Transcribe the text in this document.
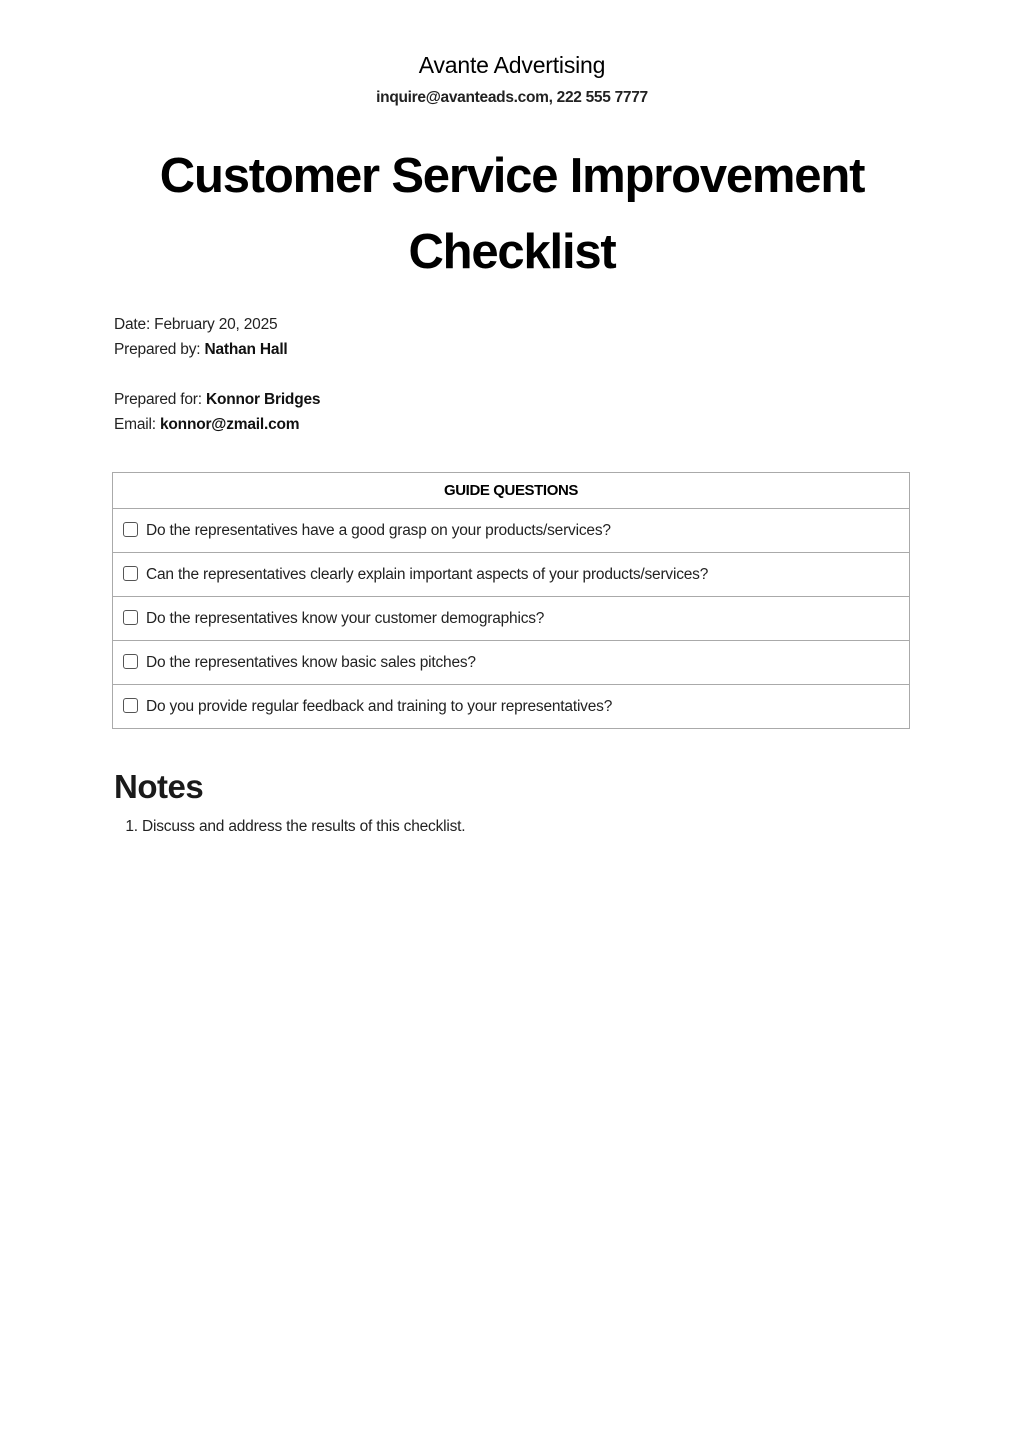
Avante Advertising
inquire@avanteads.com, 222 555 7777
Customer Service Improvement Checklist
Date: February 20, 2025
Prepared by: Nathan Hall
Prepared for: Konnor Bridges
Email: konnor@zmail.com
GUIDE QUESTIONS
Do the representatives have a good grasp on your products/services?
Can the representatives clearly explain important aspects of your products/services?
Do the representatives know your customer demographics?
Do the representatives know basic sales pitches?
Do you provide regular feedback and training to your representatives?
Notes
1. Discuss and address the results of this checklist.
